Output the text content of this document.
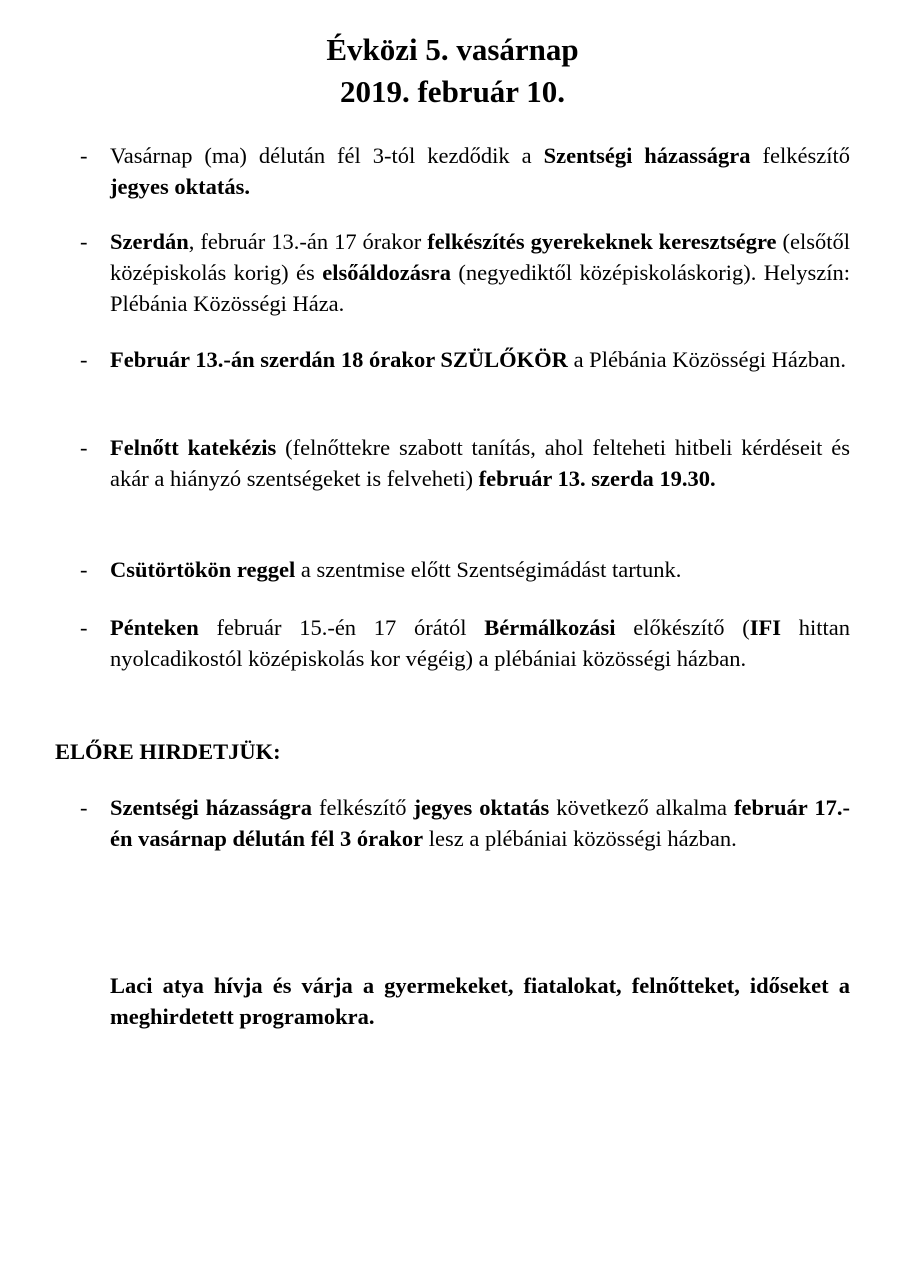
Évközi 5. vasárnap
2019. február 10.
-	Vasárnap (ma) délután fél 3-tól kezdődik a Szentségi házasságra felkészítő jegyes oktatás.
-	Szerdán, február 13.-án 17 órakor felkészítés gyerekeknek keresztségre (elsőtől középiskolás korig) és elsőáldozásra (negyediktől középiskoláskorig). Helyszín: Plébánia Közösségi Háza.
-	Február 13.-án szerdán 18 órakor SZÜLŐKÖR a Plébánia Közösségi Házban.
-	Felnőtt katekézis (felnőttekre szabott tanítás, ahol felteheti hitbeli kérdéseit és akár a hiányzó szentségeket is felveheti) február 13. szerda 19.30.
-	Csütörtökön reggel a szentmise előtt Szentségimádást tartunk.
-	Pénteken február 15.-én 17 órától Bérmálkozási előkészítő (IFI hittan nyolcadikostól középiskolás kor végéig) a plébániai közösségi házban.
ELŐRE HIRDETJÜK:
-	Szentségi házasságra felkészítő jegyes oktatás következő alkalma február 17.-én vasárnap délután fél 3 órakor lesz a plébániai közösségi házban.
Laci atya hívja és várja a gyermekeket, fiatalokat, felnőtteket, időseket a meghirdetett programokra.
